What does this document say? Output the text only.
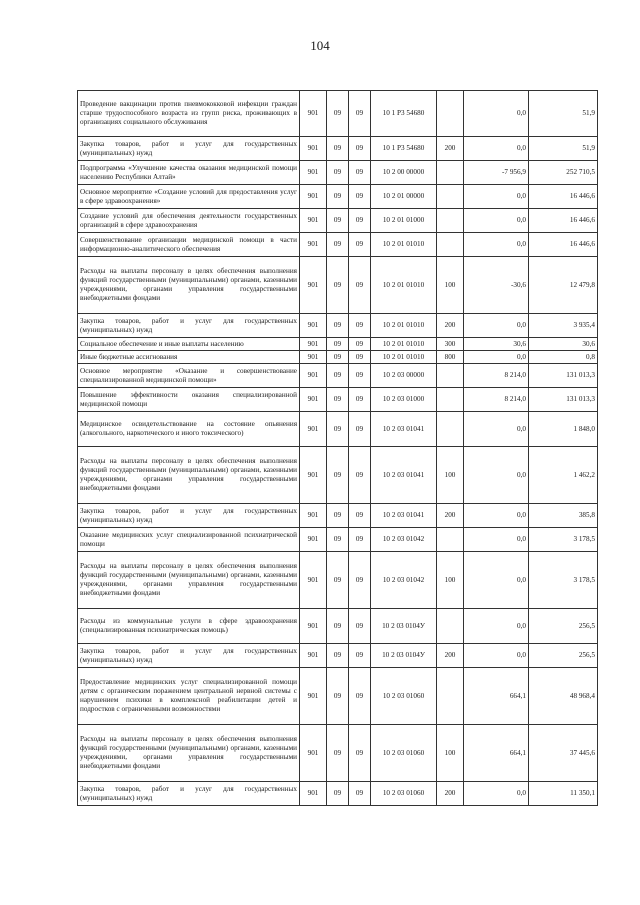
104
Проведение вакцинации против пневмококковой инфекции граждан старше трудоспособного возраста из групп риска, проживающих в организациях социального обслуживания	901	09	09	10 1 P3 54680		0,0	51,9
Закупка товаров, работ и услуг для государственных (муниципальных) нужд	901	09	09	10 1 P3 54680	200	0,0	51,9
Подпрограмма «Улучшение качества оказания медицинской помощи населению Республики Алтай»	901	09	09	10 2 00 00000		-7 956,9	252 710,5
Основное мероприятие «Создание условий для предоставления услуг в сфере здравоохранения»	901	09	09	10 2 01 00000		0,0	16 446,6
Создание условий для обеспечения деятельности государственных организаций в сфере здравоохранения	901	09	09	10 2 01 01000		0,0	16 446,6
Совершенствование организации медицинской помощи в части информационно-аналитического обеспечения	901	09	09	10 2 01 01010		0,0	16 446,6
Расходы на выплаты персоналу в целях обеспечения выполнения функций государственными (муниципальными) органами, казенными учреждениями, органами управления государственными внебюджетными фондами	901	09	09	10 2 01 01010	100	-30,6	12 479,8
Закупка товаров, работ и услуг для государственных (муниципальных) нужд	901	09	09	10 2 01 01010	200	0,0	3 935,4
Социальное обеспечение и иные выплаты населению	901	09	09	10 2 01 01010	300	30,6	30,6
Иные бюджетные ассигнования	901	09	09	10 2 01 01010	800	0,0	0,8
Основное мероприятие «Оказание и совершенствование специализированной медицинской помощи»	901	09	09	10 2 03 00000		8 214,0	131 013,3
Повышение эффективности оказания специализированной медицинской помощи	901	09	09	10 2 03 01000		8 214,0	131 013,3
Медицинское освидетельствование на состояние опьянения (алкогольного, наркотического и иного токсического)	901	09	09	10 2 03 01041		0,0	1 848,0
Расходы на выплаты персоналу в целях обеспечения выполнения функций государственными (муниципальными) органами, казенными учреждениями, органами управления государственными внебюджетными фондами	901	09	09	10 2 03 01041	100	0,0	1 462,2
Закупка товаров, работ и услуг для государственных (муниципальных) нужд	901	09	09	10 2 03 01041	200	0,0	385,8
Оказание медицинских услуг специализированной психиатрической помощи	901	09	09	10 2 03 01042		0,0	3 178,5
Расходы на выплаты персоналу в целях обеспечения выполнения функций государственными (муниципальными) органами, казенными учреждениями, органами управления государственными внебюджетными фондами	901	09	09	10 2 03 01042	100	0,0	3 178,5
Расходы из коммунальные услуги в сфере здравоохранения (специализированная психиатрическая помощь)	901	09	09	10 2 03 0104У		0,0	256,5
Закупка товаров, работ и услуг для государственных (муниципальных) нужд	901	09	09	10 2 03 0104У	200	0,0	256,5
Предоставление медицинских услуг специализированной помощи детям с органическим поражением центральной нервной системы с нарушением психики в комплексной реабилитации детей и подростков с ограниченными возможностями	901	09	09	10 2 03 01060		664,1	48 968,4
Расходы на выплаты персоналу в целях обеспечения выполнения функций государственными (муниципальными) органами, казенными учреждениями, органами управления государственными внебюджетными фондами	901	09	09	10 2 03 01060	100	664,1	37 445,6
Закупка товаров, работ и услуг для государственных (муниципальных) нужд	901	09	09	10 2 03 01060	200	0,0	11 350,1
